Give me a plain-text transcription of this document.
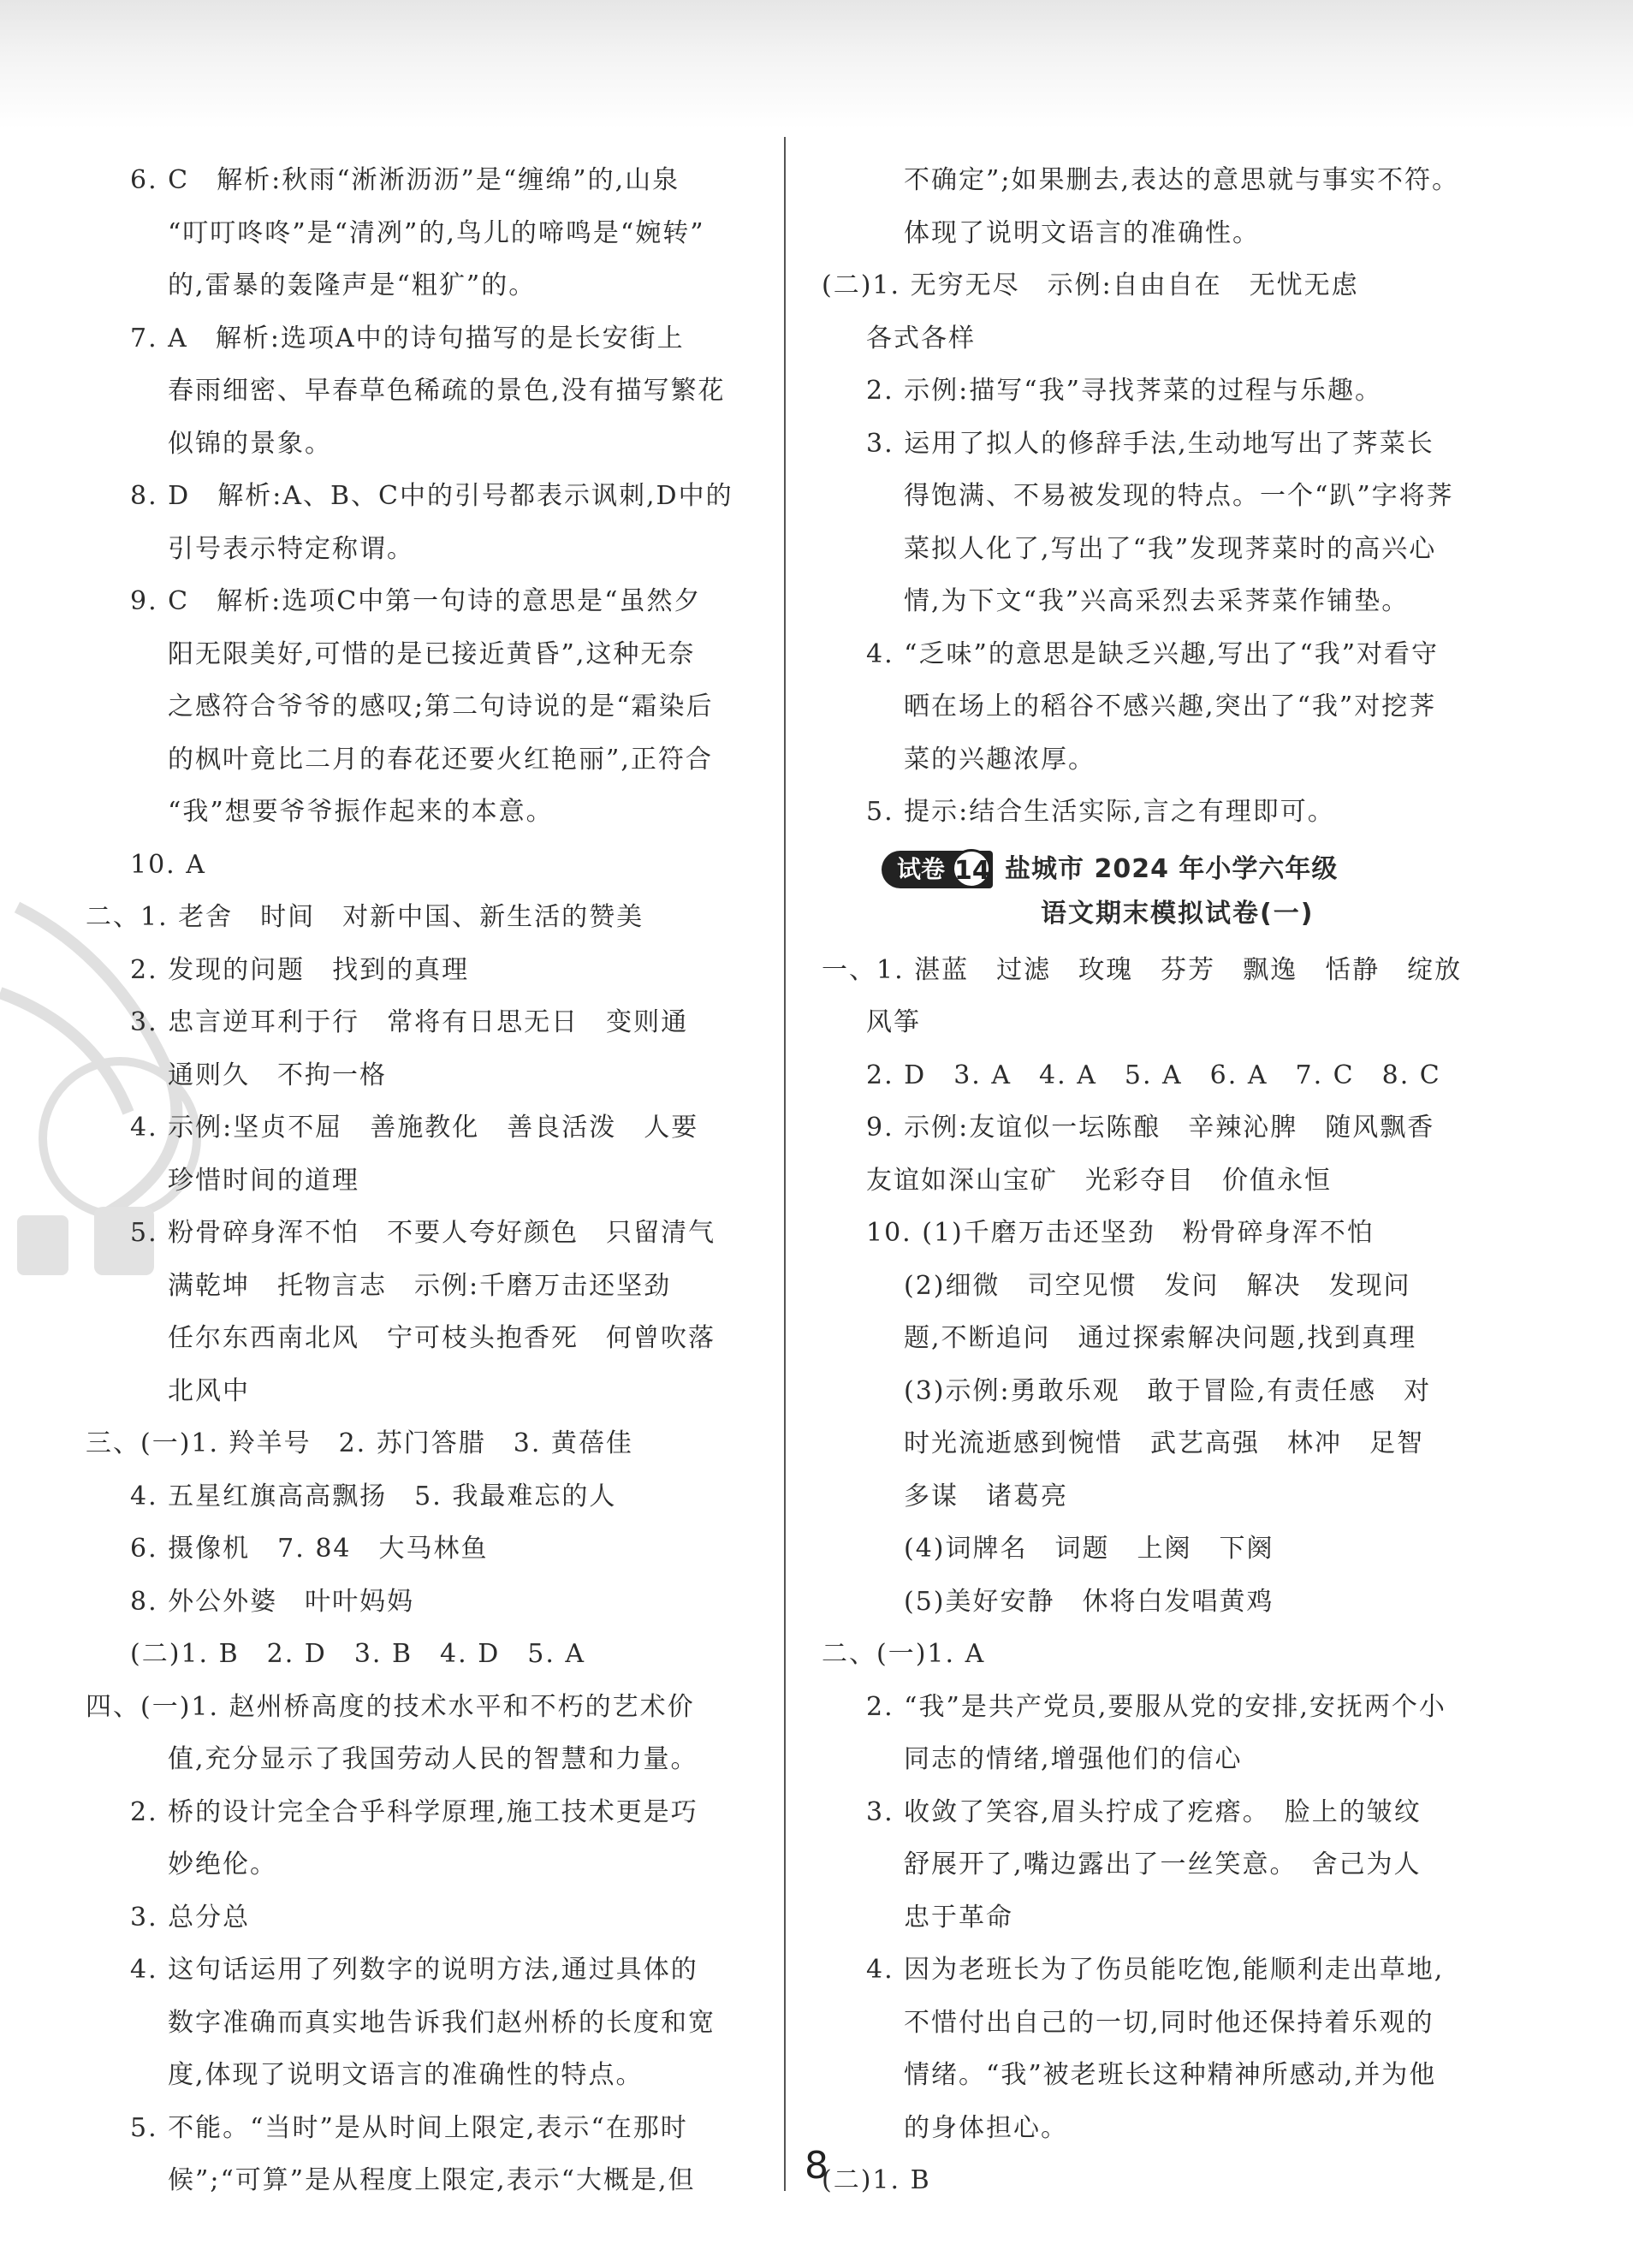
6. C　解析:秋雨“淅淅沥沥”是“缠绵”的,山泉
“叮叮咚咚”是“清冽”的,鸟儿的啼鸣是“婉转”
的,雷暴的轰隆声是“粗犷”的。
7. A　解析:选项A中的诗句描写的是长安街上
春雨细密、早春草色稀疏的景色,没有描写繁花
似锦的景象。
8. D　解析:A、B、C中的引号都表示讽刺,D中的
引号表示特定称谓。
9. C　解析:选项C中第一句诗的意思是“虽然夕
阳无限美好,可惜的是已接近黄昏”,这种无奈
之感符合爷爷的感叹;第二句诗说的是“霜染后
的枫叶竟比二月的春花还要火红艳丽”,正符合
“我”想要爷爷振作起来的本意。
10. A
二、1. 老舍　时间　对新中国、新生活的赞美
2. 发现的问题　找到的真理
3. 忠言逆耳利于行　常将有日思无日　变则通
通则久　不拘一格
4. 示例:坚贞不屈　善施教化　善良活泼　人要
珍惜时间的道理
5. 粉骨碎身浑不怕　不要人夸好颜色　只留清气
满乾坤　托物言志　示例:千磨万击还坚劲
任尔东西南北风　宁可枝头抱香死　何曾吹落
北风中
三、(一)1. 羚羊号　2. 苏门答腊　3. 黄蓓佳
4. 五星红旗高高飘扬　5. 我最难忘的人
6. 摄像机　7. 84　大马林鱼
8. 外公外婆　叶叶妈妈
(二)1. B　2. D　3. B　4. D　5. A
四、(一)1. 赵州桥高度的技术水平和不朽的艺术价
值,充分显示了我国劳动人民的智慧和力量。
2. 桥的设计完全合乎科学原理,施工技术更是巧
妙绝伦。
3. 总分总
4. 这句话运用了列数字的说明方法,通过具体的
数字准确而真实地告诉我们赵州桥的长度和宽
度,体现了说明文语言的准确性的特点。
5. 不能。“当时”是从时间上限定,表示“在那时
候”;“可算”是从程度上限定,表示“大概是,但
不确定”;如果删去,表达的意思就与事实不符。
体现了说明文语言的准确性。
(二)1. 无穷无尽　示例:自由自在　无忧无虑
各式各样
2. 示例:描写“我”寻找荠菜的过程与乐趣。
3. 运用了拟人的修辞手法,生动地写出了荠菜长
得饱满、不易被发现的特点。一个“趴”字将荠
菜拟人化了,写出了“我”发现荠菜时的高兴心
情,为下文“我”兴高采烈去采荠菜作铺垫。
4. “乏味”的意思是缺乏兴趣,写出了“我”对看守
晒在场上的稻谷不感兴趣,突出了“我”对挖荠
菜的兴趣浓厚。
5. 提示:结合生活实际,言之有理即可。
试卷 14 盐城市 2024 年小学六年级
语文期末模拟试卷(一)
一、1. 湛蓝　过滤　玫瑰　芬芳　飘逸　恬静　绽放
风筝
2. D　3. A　4. A　5. A　6. A　7. C　8. C
9. 示例:友谊似一坛陈酿　辛辣沁脾　随风飘香
友谊如深山宝矿　光彩夺目　价值永恒
10. (1)千磨万击还坚劲　粉骨碎身浑不怕
(2)细微　司空见惯　发问　解决　发现问
题,不断追问　通过探索解决问题,找到真理
(3)示例:勇敢乐观　敢于冒险,有责任感　对
时光流逝感到惋惜　武艺高强　林冲　足智
多谋　诸葛亮
(4)词牌名　词题　上阕　下阕
(5)美好安静　休将白发唱黄鸡
二、(一)1. A
2. “我”是共产党员,要服从党的安排,安抚两个小
同志的情绪,增强他们的信心
3. 收敛了笑容,眉头拧成了疙瘩。　脸上的皱纹
舒展开了,嘴边露出了一丝笑意。　舍己为人
忠于革命
4. 因为老班长为了伤员能吃饱,能顺利走出草地,
不惜付出自己的一切,同时他还保持着乐观的
情绪。“我”被老班长这种精神所感动,并为他
的身体担心。
(二)1. B
8
